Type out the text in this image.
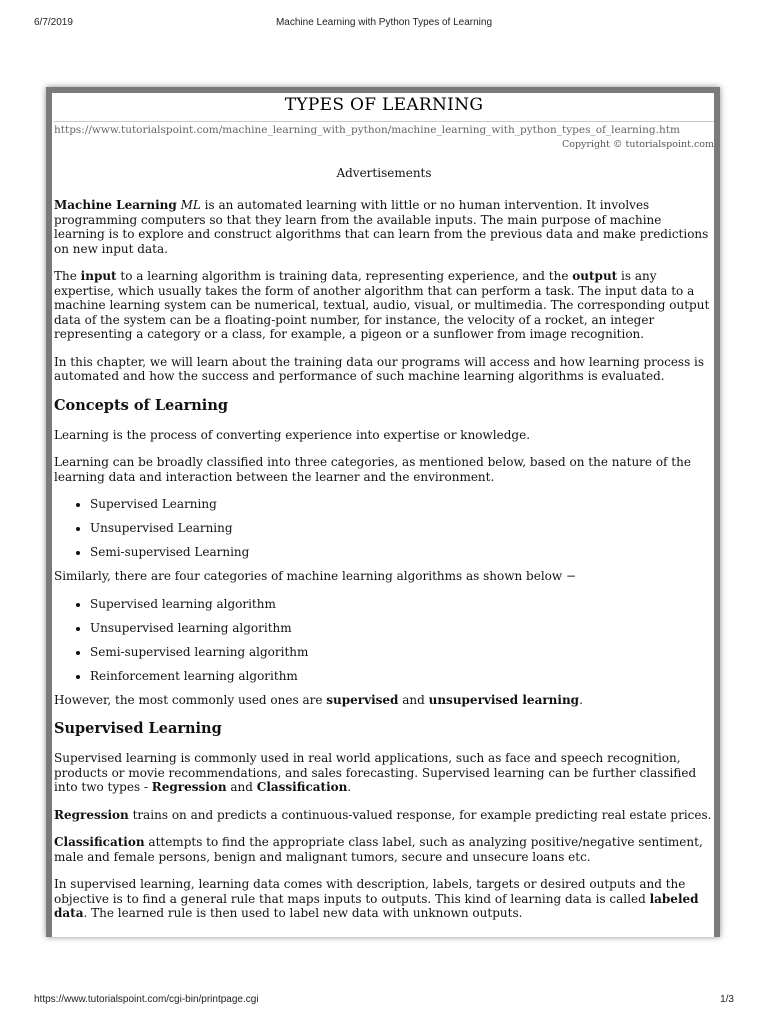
6/7/2019	Machine Learning with Python Types of Learning
TYPES OF LEARNING
https://www.tutorialspoint.com/machine_learning_with_python/machine_learning_with_python_types_of_learning.htm
Copyright © tutorialspoint.com
Advertisements

Machine Learning ML is an automated learning with little or no human intervention. It involves programming computers so that they learn from the available inputs. The main purpose of machine learning is to explore and construct algorithms that can learn from the previous data and make predictions on new input data.

The input to a learning algorithm is training data, representing experience, and the output is any expertise, which usually takes the form of another algorithm that can perform a task. The input data to a machine learning system can be numerical, textual, audio, visual, or multimedia. The corresponding output data of the system can be a floating-point number, for instance, the velocity of a rocket, an integer representing a category or a class, for example, a pigeon or a sunflower from image recognition.

In this chapter, we will learn about the training data our programs will access and how learning process is automated and how the success and performance of such machine learning algorithms is evaluated.

Concepts of Learning

Learning is the process of converting experience into expertise or knowledge.

Learning can be broadly classified into three categories, as mentioned below, based on the nature of the learning data and interaction between the learner and the environment.

• Supervised Learning
• Unsupervised Learning
• Semi-supervised Learning

Similarly, there are four categories of machine learning algorithms as shown below −

• Supervised learning algorithm
• Unsupervised learning algorithm
• Semi-supervised learning algorithm
• Reinforcement learning algorithm

However, the most commonly used ones are supervised and unsupervised learning.

Supervised Learning

Supervised learning is commonly used in real world applications, such as face and speech recognition, products or movie recommendations, and sales forecasting. Supervised learning can be further classified into two types - Regression and Classification.

Regression trains on and predicts a continuous-valued response, for example predicting real estate prices.

Classification attempts to find the appropriate class label, such as analyzing positive/negative sentiment, male and female persons, benign and malignant tumors, secure and unsecure loans etc.

In supervised learning, learning data comes with description, labels, targets or desired outputs and the objective is to find a general rule that maps inputs to outputs. This kind of learning data is called labeled data. The learned rule is then used to label new data with unknown outputs.

https://www.tutorialspoint.com/cgi-bin/printpage.cgi	1/3
